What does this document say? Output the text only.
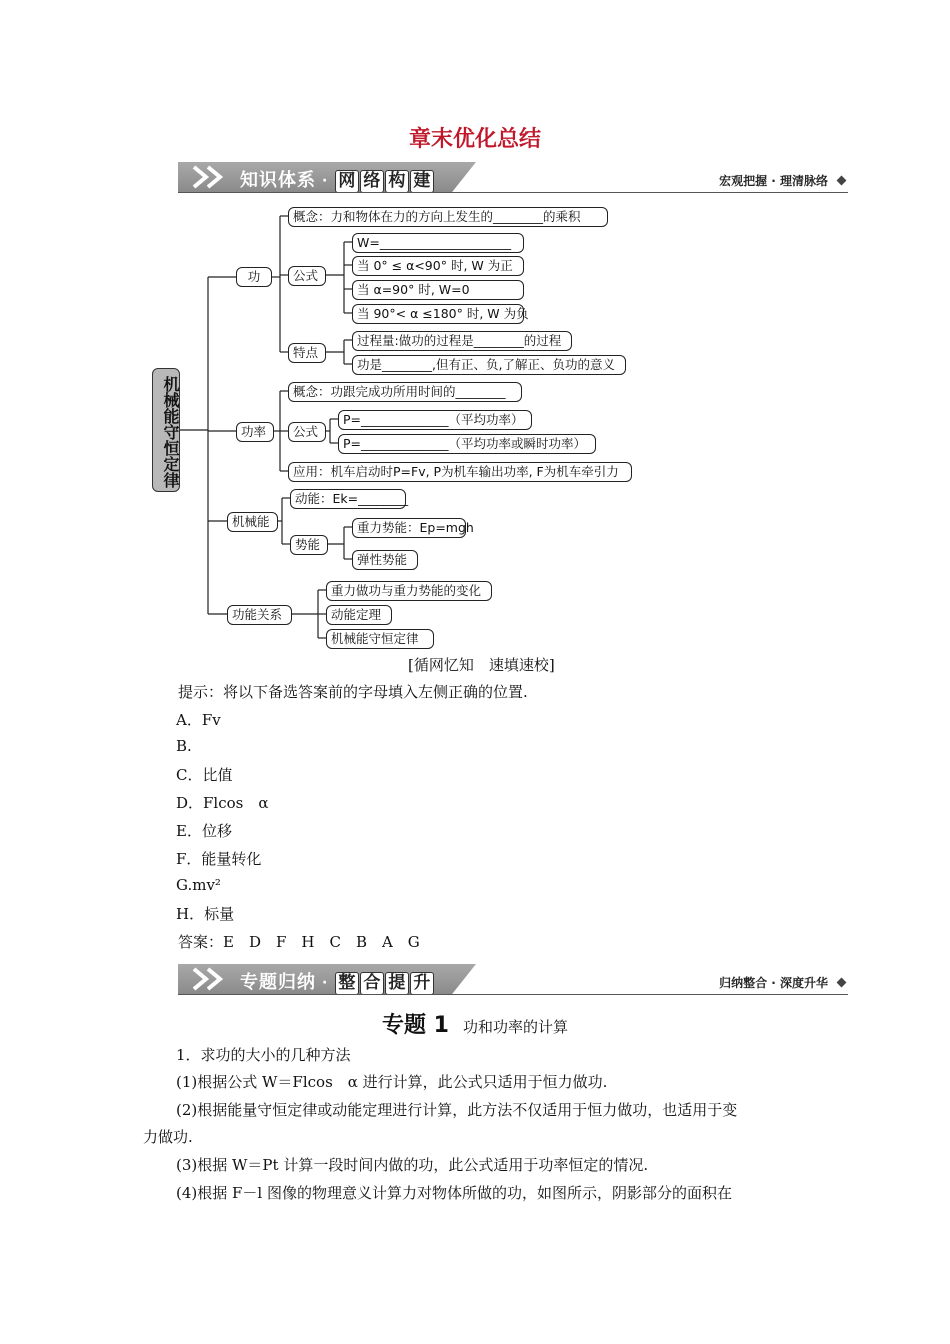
章末优化总结
知识体系 · 网 络 构 建	宏观把握 · 理清脉络
机械能守恒定律
功
概念：力和物体在力的方向上发生的________的乘积
公式
W=_____________________
当 0° ≤ α<90° 时, W 为正
当 α=90° 时, W=0
当 90°< α ≤180° 时, W 为负
特点
过程量:做功的过程是________的过程
功是________,但有正、负,了解正、负功的意义
功率
概念：功跟完成功所用时间的________
公式
P=______________（平均功率）
P=______________（平均功率或瞬时功率）
应用：机车启动时P=Fv, P为机车输出功率, F为机车牵引力
机械能
动能：Ek=________
势能
重力势能：Ep=mgh
弹性势能
功能关系
重力做功与重力势能的变化
动能定理
机械能守恒定律
[循网忆知　速填速校]
提示：将以下备选答案前的字母填入左侧正确的位置.
A．Fv
B.
C．比值
D．Flcos　α
E．位移
F．能量转化
G.mv²
H．标量
答案：E　D　F　H　C　B　A　G
专题归纳 · 整 合 提 升	归纳整合 · 深度升华
专题 1 功和功率的计算
1．求功的大小的几种方法
(1)根据公式 W＝Flcos　α 进行计算，此公式只适用于恒力做功.
(2)根据能量守恒定律或动能定理进行计算，此方法不仅适用于恒力做功，也适用于变
力做功.
(3)根据 W＝Pt 计算一段时间内做的功，此公式适用于功率恒定的情况.
(4)根据 F－l 图像的物理意义计算力对物体所做的功，如图所示，阴影部分的面积在
